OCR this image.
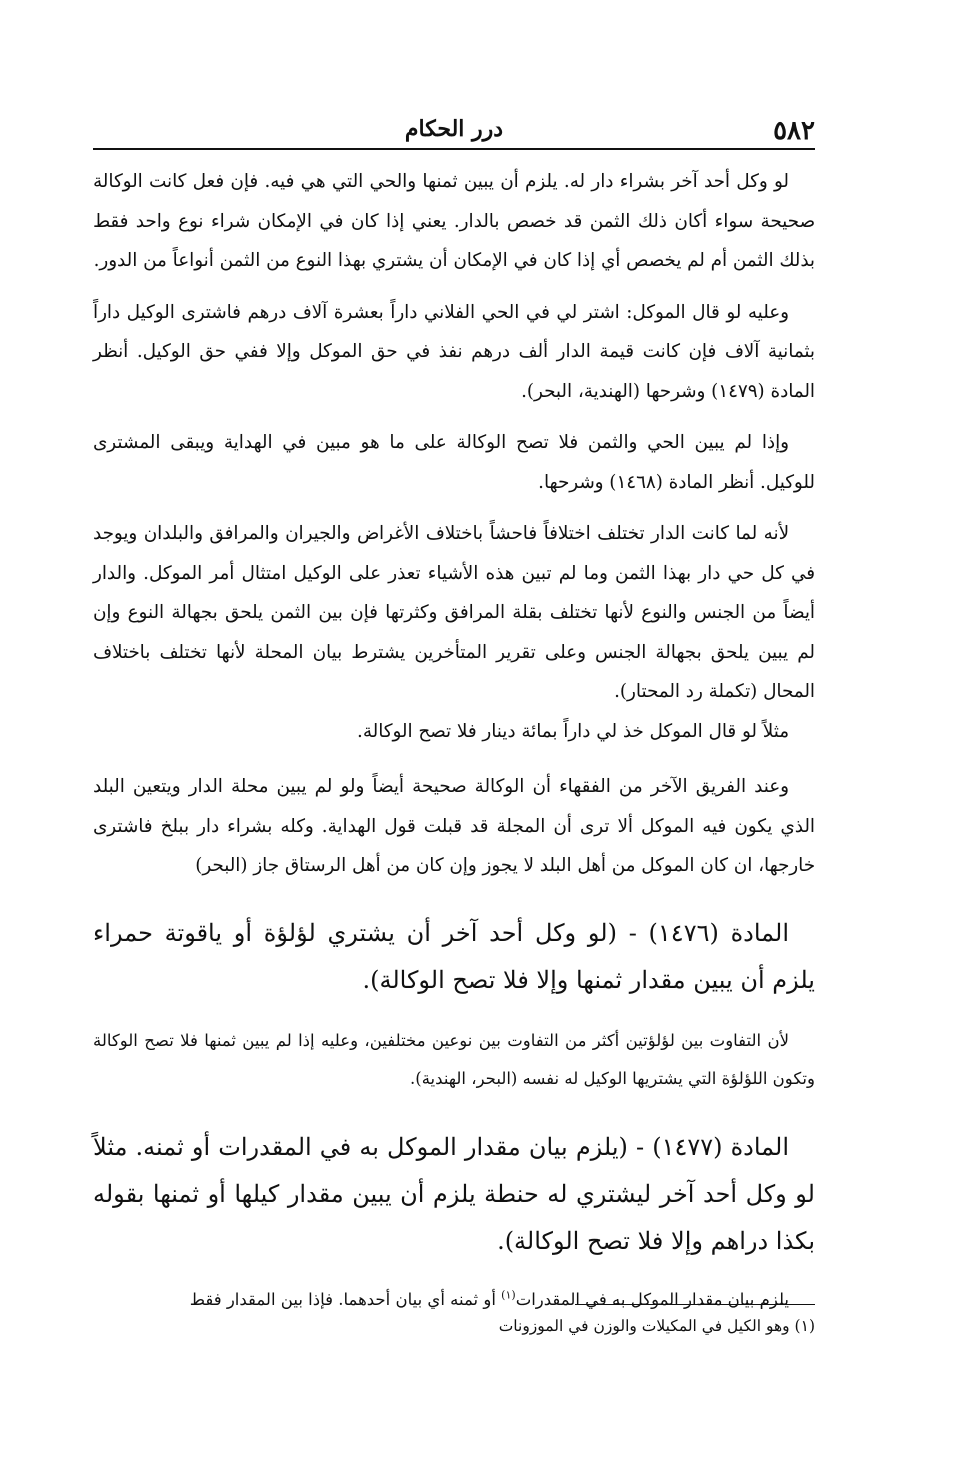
٥٨٢
درر الحكام

لو وكل أحد آخر بشراء دار له. يلزم أن يبين ثمنها والحي التي هي فيه. فإن فعل كانت الوكالة صحيحة سواء أكان ذلك الثمن قد خصص بالدار. يعني إذا كان في الإمكان شراء نوع واحد فقط بذلك الثمن أم لم يخصص أي إذا كان في الإمكان أن يشتري بهذا النوع من الثمن أنواعاً من الدور.

وعليه لو قال الموكل: اشتر لي في الحي الفلاني داراً بعشرة آلاف درهم فاشترى الوكيل داراً بثمانية آلاف فإن كانت قيمة الدار ألف درهم نفذ في حق الموكل وإلا ففي حق الوكيل. أنظر المادة (١٤٧٩) وشرحها (الهندية، البحر).

وإذا لم يبين الحي والثمن فلا تصح الوكالة على ما هو مبين في الهداية ويبقى المشترى للوكيل. أنظر المادة (١٤٦٨) وشرحها.

لأنه لما كانت الدار تختلف اختلافاً فاحشاً باختلاف الأغراض والجيران والمرافق والبلدان ويوجد في كل حي دار بهذا الثمن وما لم تبين هذه الأشياء تعذر على الوكيل امتثال أمر الموكل. والدار أيضاً من الجنس والنوع لأنها تختلف بقلة المرافق وكثرتها فإن بين الثمن يلحق بجهالة النوع وإن لم يبين يلحق بجهالة الجنس وعلى تقرير المتأخرين يشترط بيان المحلة لأنها تختلف باختلاف المحال (تكملة رد المحتار).

مثلاً لو قال الموكل خذ لي داراً بمائة دينار فلا تصح الوكالة.

وعند الفريق الآخر من الفقهاء أن الوكالة صحيحة أيضاً ولو لم يبين محلة الدار ويتعين البلد الذي يكون فيه الموكل ألا ترى أن المجلة قد قبلت قول الهداية. وكله بشراء دار ببلخ فاشترى خارجها، ان كان الموكل من أهل البلد لا يجوز وإن كان من أهل الرستاق جاز (البحر)

المادة (١٤٧٦) - (لو وكل أحد آخر أن يشتري لؤلؤة أو ياقوتة حمراء يلزم أن يبين مقدار ثمنها وإلا فلا تصح الوكالة).

لأن التفاوت بين لؤلؤتين أكثر من التفاوت بين نوعين مختلفين، وعليه إذا لم يبين ثمنها فلا تصح الوكالة وتكون اللؤلؤة التي يشتريها الوكيل له نفسه (البحر، الهندية).

المادة (١٤٧٧) - (يلزم بيان مقدار الموكل به في المقدرات أو ثمنه. مثلاً لو وكل أحد آخر ليشتري له حنطة يلزم أن يبين مقدار كيلها أو ثمنها بقوله بكذا دراهم وإلا فلا تصح الوكالة).

يلزم بيان مقدار الموكل به في المقدرات$^{(١)}$ أو ثمنه أي بيان أحدهما. فإذا بين المقدار فقط

(١) وهو الكيل في المكيلات والوزن في الموزونات
